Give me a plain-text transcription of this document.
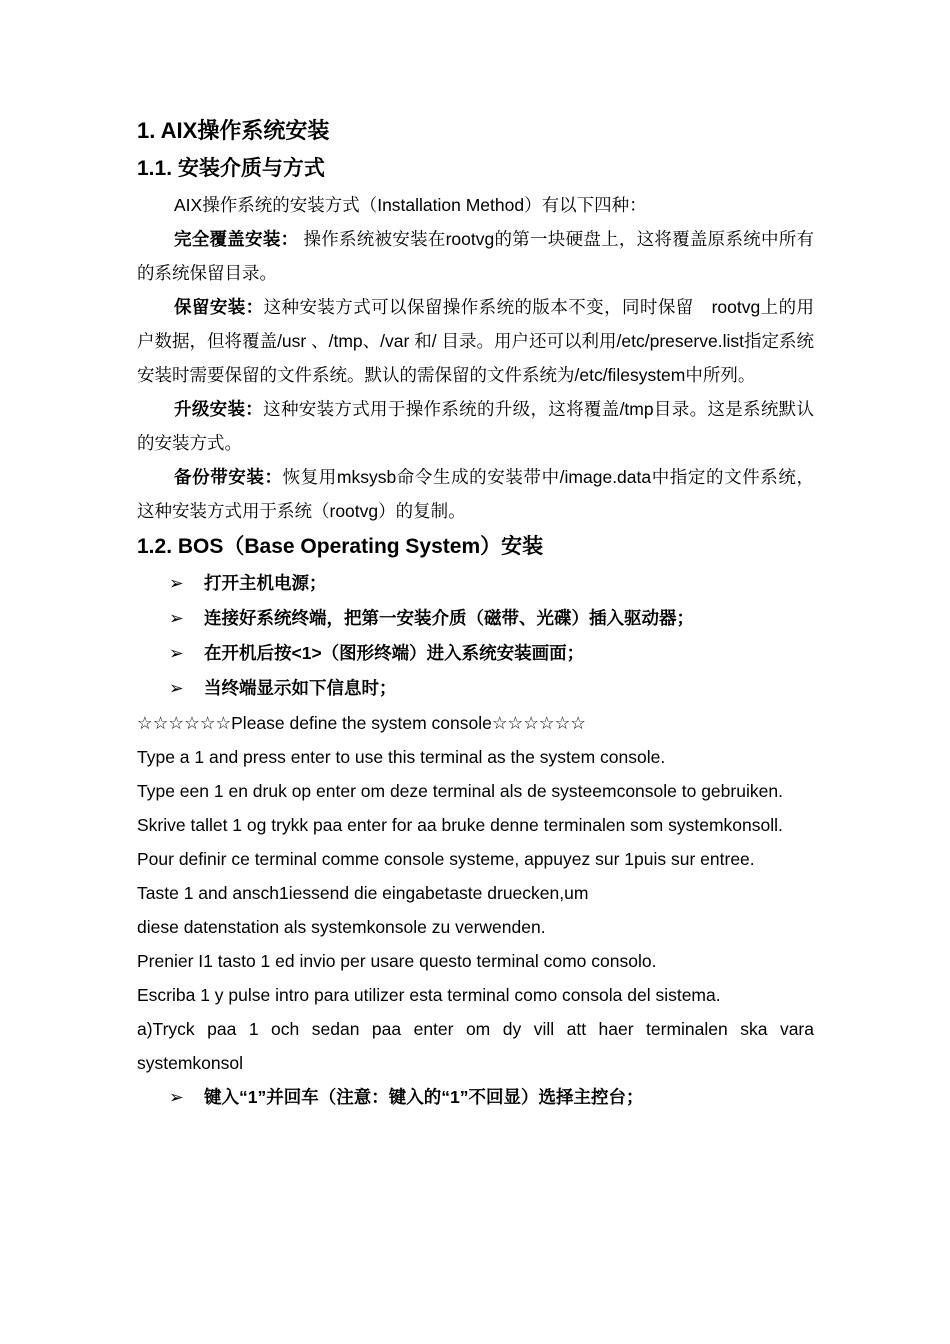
1. AIX操作系统安装
1.1. 安装介质与方式

AIX操作系统的安装方式（Installation Method）有以下四种：

完全覆盖安装： 操作系统被安装在rootvg的第一块硬盘上，这将覆盖原系统中所有的系统保留目录。

保留安装：这种安装方式可以保留操作系统的版本不变，同时保留　rootvg上的用户数据，但将覆盖/usr 、/tmp、/var 和/ 目录。用户还可以利用/etc/preserve.list指定系统安装时需要保留的文件系统。默认的需保留的文件系统为/etc/filesystem中所列。

升级安装：这种安装方式用于操作系统的升级，这将覆盖/tmp目录。这是系统默认的安装方式。

备份带安装：恢复用mksysb命令生成的安装带中/image.data中指定的文件系统，这种安装方式用于系统（rootvg）的复制。

1.2. BOS（Base Operating System）安装
➢ 打开主机电源；
➢ 连接好系统终端，把第一安装介质（磁带、光碟）插入驱动器；
➢ 在开机后按<1>（图形终端）进入系统安装画面；
➢ 当终端显示如下信息时；

☆☆☆☆☆☆Please define the system console☆☆☆☆☆☆

Type a 1 and press enter to use this terminal as the system console.

Type een 1 en druk op enter om deze terminal als de systeemconsole to gebruiken.

Skrive tallet 1 og trykk paa enter for aa bruke denne terminalen som systemkonsoll.

Pour definir ce terminal comme console systeme, appuyez sur 1puis sur entree.

Taste 1 and ansch1iessend die eingabetaste druecken,um

diese datenstation als systemkonsole zu verwenden.

Prenier I1 tasto 1 ed invio per usare questo terminal como consolo.

Escriba 1 y pulse intro para utilizer esta terminal como consola del sistema.

a)Tryck paa 1 och sedan paa enter om dy vill att haer terminalen ska vara systemkonsol

➢ 键入“1”并回车（注意：键入的“1”不回显）选择主控台；
